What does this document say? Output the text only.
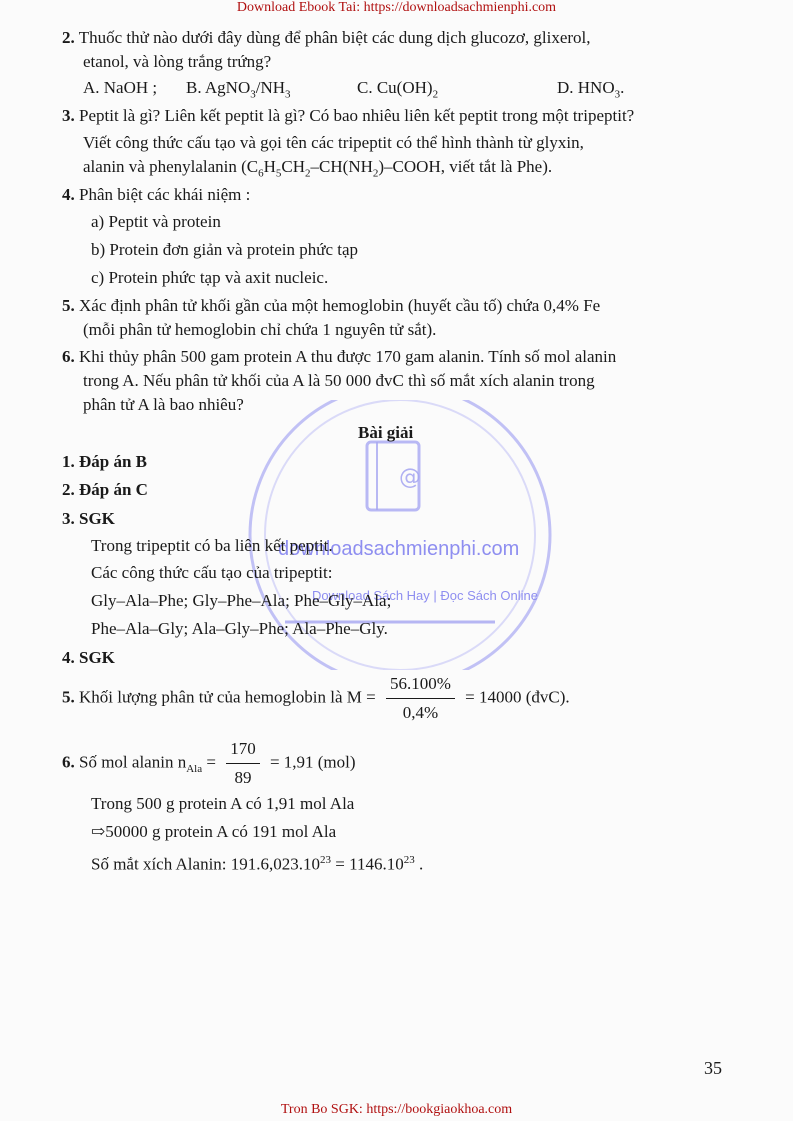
Download Ebook Tai: https://downloadsachmienphi.com
@
downloadsachmienphi.com
Download Sách Hay | Đọc Sách Online
2. Thuốc thử nào dưới đây dùng để phân biệt các dung dịch glucozơ, glixerol,
etanol, và lòng trắng trứng?
A. NaOH ; B. $AgNO_3/NH_3$	C. $Cu(OH)_2$	D. $HNO_3$.
3. Peptit là gì? Liên kết peptit là gì? Có bao nhiêu liên kết peptit trong một tripeptit?
Viết công thức cấu tạo và gọi tên các tripeptit có thể hình thành từ glyxin,
alanin và phenylalanin ($C_6H_5CH_2-CH(NH_2)$–COOH, viết tắt là Phe).
4. Phân biệt các khái niệm :
a) Peptit và protein
b) Protein đơn giản và protein phức tạp
c) Protein phức tạp và axit nucleic.
5. Xác định phân tử khối gần của một hemoglobin (huyết cầu tố) chứa 0,4% Fe
(mỗi phân tử hemoglobin chỉ chứa 1 nguyên tử sắt).
6. Khi thủy phân 500 gam protein A thu được 170 gam alanin. Tính số mol alanin
trong A. Nếu phân tử khối của A là 50 000 đvC thì số mắt xích alanin trong
phân tử A là bao nhiêu?
Bài giải
1. Đáp án B
2. Đáp án C
3. SGK
Trong tripeptit có ba liên kết peptit.
Các công thức cấu tạo của tripeptit:
Gly–Ala–Phe; Gly–Phe–Ala; Phe–Gly–Ala;
Phe–Ala–Gly; Ala–Gly–Phe; Ala–Phe–Gly.
4. SGK
5. Khối lượng phân tử của hemoglobin là $M = \frac{56.100\%}{0,4\%} = 14000$ (đvC).
6. Số mol alanin $n_{Ala} = \frac{170}{89} = 1,91$ (mol)
Trong 500 g protein A có 1,91 mol Ala
⇨50000 g protein A có 191 mol Ala
Số mắt xích Alanin: $191.6,023.10^{23} = 1146.10^{23}$ .
35
Tron Bo SGK: https://bookgiaokhoa.com
